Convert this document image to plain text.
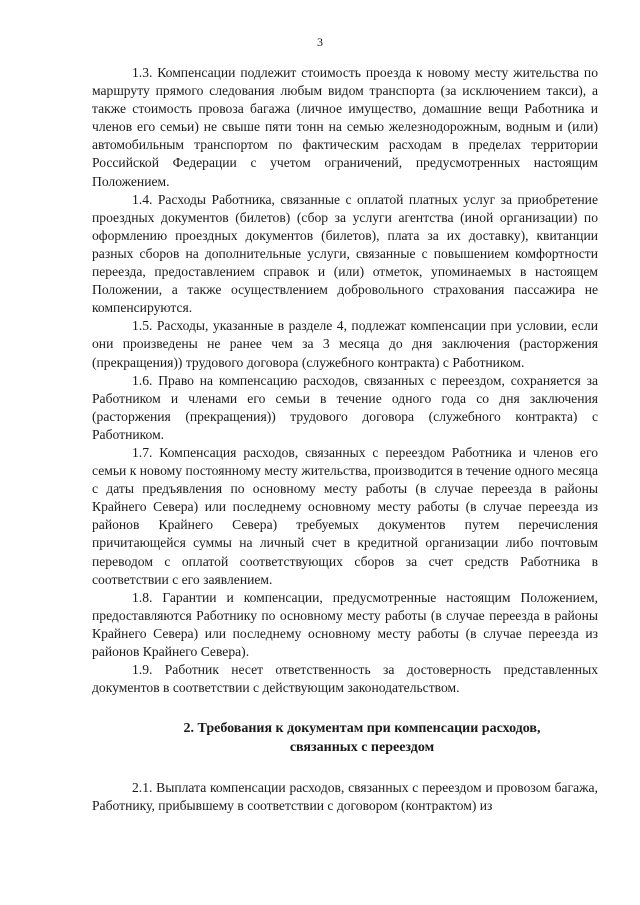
3

1.3. Компенсации подлежит стоимость проезда к новому месту жительства по маршруту прямого следования любым видом транспорта (за исключением такси), а также стоимость провоза багажа (личное имущество, домашние вещи Работника и членов его семьи) не свыше пяти тонн на семью железнодорожным, водным и (или) автомобильным транспортом по фактическим расходам в пределах территории Российской Федерации с учетом ограничений, предусмотренных настоящим Положением.

1.4. Расходы Работника, связанные с оплатой платных услуг за приобретение проездных документов (билетов) (сбор за услуги агентства (иной организации) по оформлению проездных документов (билетов), плата за их доставку), квитанции разных сборов на дополнительные услуги, связанные с повышением комфортности переезда, предоставлением справок и (или) отметок, упоминаемых в настоящем Положении, а также осуществлением добровольного страхования пассажира не компенсируются.

1.5. Расходы, указанные в разделе 4, подлежат компенсации при условии, если они произведены не ранее чем за 3 месяца до дня заключения (расторжения (прекращения)) трудового договора (служебного контракта) с Работником.

1.6. Право на компенсацию расходов, связанных с переездом, сохраняется за Работником и членами его семьи в течение одного года со дня заключения (расторжения (прекращения)) трудового договора (служебного контракта) с Работником.

1.7. Компенсация расходов, связанных с переездом Работника и членов его семьи к новому постоянному месту жительства, производится в течение одного месяца с даты предъявления по основному месту работы (в случае переезда в районы Крайнего Севера) или последнему основному месту работы (в случае переезда из районов Крайнего Севера) требуемых документов путем перечисления причитающейся суммы на личный счет в кредитной организации либо почтовым переводом с оплатой соответствующих сборов за счет средств Работника в соответствии с его заявлением.

1.8. Гарантии и компенсации, предусмотренные настоящим Положением, предоставляются Работнику по основному месту работы (в случае переезда в районы Крайнего Севера) или последнему основному месту работы (в случае переезда из районов Крайнего Севера).

1.9. Работник несет ответственность за достоверность представленных документов в соответствии с действующим законодательством.

2. Требования к документам при компенсации расходов,
связанных с переездом

2.1. Выплата компенсации расходов, связанных с переездом и провозом багажа, Работнику, прибывшему в соответствии с договором (контрактом) из
